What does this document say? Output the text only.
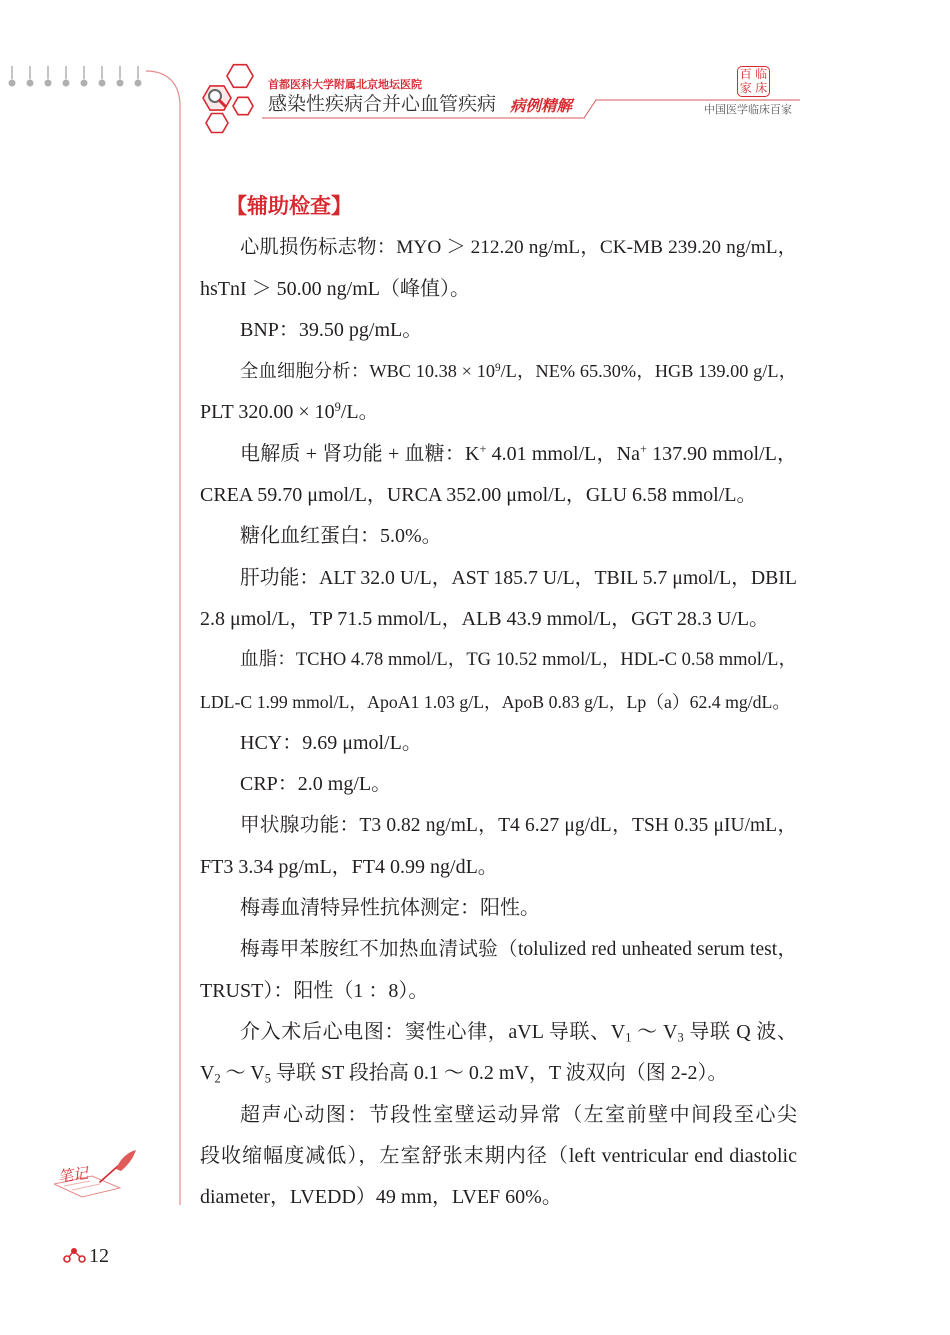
首都医科大学附属北京地坛医院
感染性疾病合并心血管疾病 病例精解
百 临
家 床
中国医学临床百家
【辅助检查】
心肌损伤标志物：MYO ＞ 212.20 ng/mL，CK-MB 239.20 ng/mL，
hsTnI ＞ 50.00 ng/mL（峰值）。
BNP：39.50 pg/mL。
全血细胞分析：WBC $10.38 \times 10^9/L$，NE% 65.30%，HGB 139.00 g/L，
PLT $320.00 \times 10^9/L$。
电解质 + 肾功能 + 血糖：K+ 4.01 mmol/L，Na+ 137.90 mmol/L，
CREA 59.70 μmol/L，URCA 352.00 μmol/L，GLU 6.58 mmol/L。
糖化血红蛋白：5.0%。
肝功能：ALT 32.0 U/L，AST 185.7 U/L，TBIL 5.7 μmol/L，DBIL
2.8 μmol/L，TP 71.5 mmol/L，ALB 43.9 mmol/L，GGT 28.3 U/L。
血脂：TCHO 4.78 mmol/L，TG 10.52 mmol/L，HDL-C 0.58 mmol/L，
LDL-C 1.99 mmol/L，ApoA1 1.03 g/L，ApoB 0.83 g/L，Lp（a）62.4 mg/dL。
HCY：9.69 μmol/L。
CRP：2.0 mg/L。
甲状腺功能：T3 0.82 ng/mL，T4 6.27 μg/dL，TSH 0.35 μIU/mL，
FT3 3.34 pg/mL，FT4 0.99 ng/dL。
梅毒血清特异性抗体测定：阳性。
梅毒甲苯胺红不加热血清试验（tolulized red unheated serum test，
TRUST）：阳性（1 ：8）。
介入术后心电图：窦性心律，aVL 导联、$V_1$ ～ $V_3$ 导联 Q 波、
$V_2$ ～ $V_5$ 导联 ST 段抬高 0.1 ～ 0.2 mV，T 波双向（图 2-2）。
超声心动图：节段性室壁运动异常（左室前壁中间段至心尖
段收缩幅度减低），左室舒张末期内径（left ventricular end diastolic
diameter，LVEDD）49 mm，LVEF 60%。
笔记
12
